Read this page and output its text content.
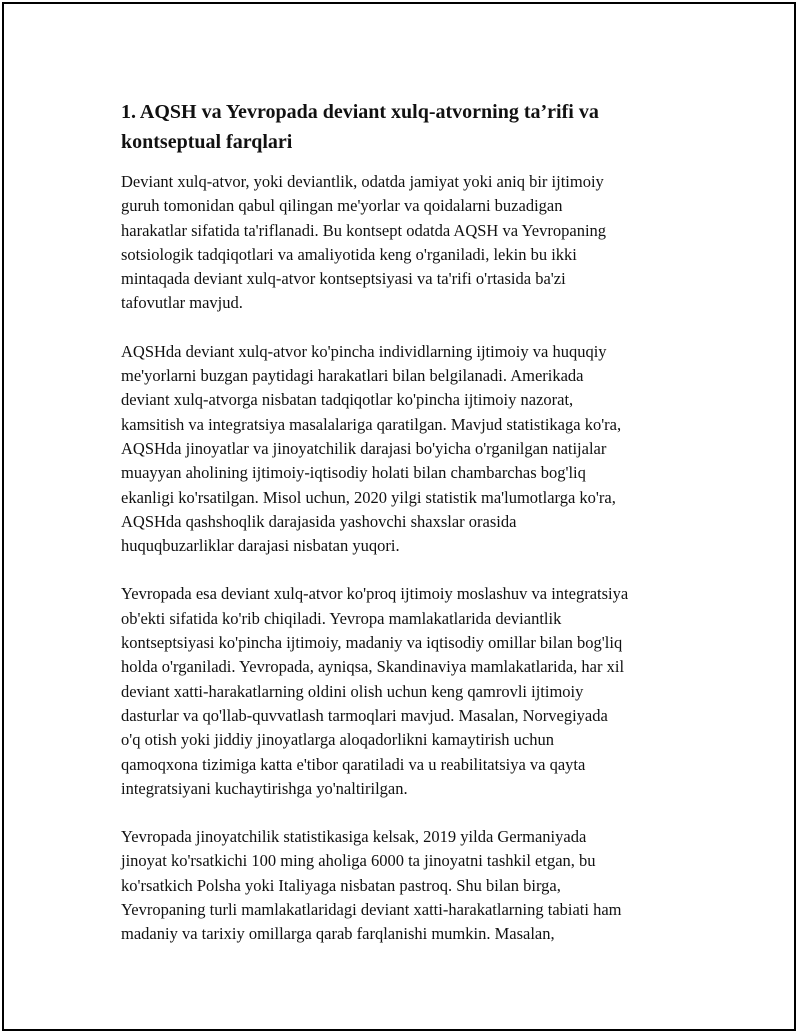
1. AQSH va Yevropada deviant xulq-atvorning ta’rifi va
kontseptual farqlari

Deviant xulq-atvor, yoki deviantlik, odatda jamiyat yoki aniq bir ijtimoiy
guruh tomonidan qabul qilingan me'yorlar va qoidalarni buzadigan
harakatlar sifatida ta'riflanadi. Bu kontsept odatda AQSH va Yevropaning
sotsiologik tadqiqotlari va amaliyotida keng o'rganiladi, lekin bu ikki
mintaqada deviant xulq-atvor kontseptsiyasi va ta'rifi o'rtasida ba'zi
tafovutlar mavjud.

AQSHda deviant xulq-atvor ko'pincha individlarning ijtimoiy va huquqiy
me'yorlarni buzgan paytidagi harakatlari bilan belgilanadi. Amerikada
deviant xulq-atvorga nisbatan tadqiqotlar ko'pincha ijtimoiy nazorat,
kamsitish va integratsiya masalalariga qaratilgan. Mavjud statistikaga ko'ra,
AQSHda jinoyatlar va jinoyatchilik darajasi bo'yicha o'rganilgan natijalar
muayyan aholining ijtimoiy-iqtisodiy holati bilan chambarchas bog'liq
ekanligi ko'rsatilgan. Misol uchun, 2020 yilgi statistik ma'lumotlarga ko'ra,
AQSHda qashshoqlik darajasida yashovchi shaxslar orasida
huquqbuzarliklar darajasi nisbatan yuqori.

Yevropada esa deviant xulq-atvor ko'proq ijtimoiy moslashuv va integratsiya
ob'ekti sifatida ko'rib chiqiladi. Yevropa mamlakatlarida deviantlik
kontseptsiyasi ko'pincha ijtimoiy, madaniy va iqtisodiy omillar bilan bog'liq
holda o'rganiladi. Yevropada, ayniqsa, Skandinaviya mamlakatlarida, har xil
deviant xatti-harakatlarning oldini olish uchun keng qamrovli ijtimoiy
dasturlar va qo'llab-quvvatlash tarmoqlari mavjud. Masalan, Norvegiyada
o'q otish yoki jiddiy jinoyatlarga aloqadorlikni kamaytirish uchun
qamoqxona tizimiga katta e'tibor qaratiladi va u reabilitatsiya va qayta
integratsiyani kuchaytirishga yo'naltirilgan.

Yevropada jinoyatchilik statistikasiga kelsak, 2019 yilda Germaniyada
jinoyat ko'rsatkichi 100 ming aholiga 6000 ta jinoyatni tashkil etgan, bu
ko'rsatkich Polsha yoki Italiyaga nisbatan pastroq. Shu bilan birga,
Yevropaning turli mamlakatlaridagi deviant xatti-harakatlarning tabiati ham
madaniy va tarixiy omillarga qarab farqlanishi mumkin. Masalan,
